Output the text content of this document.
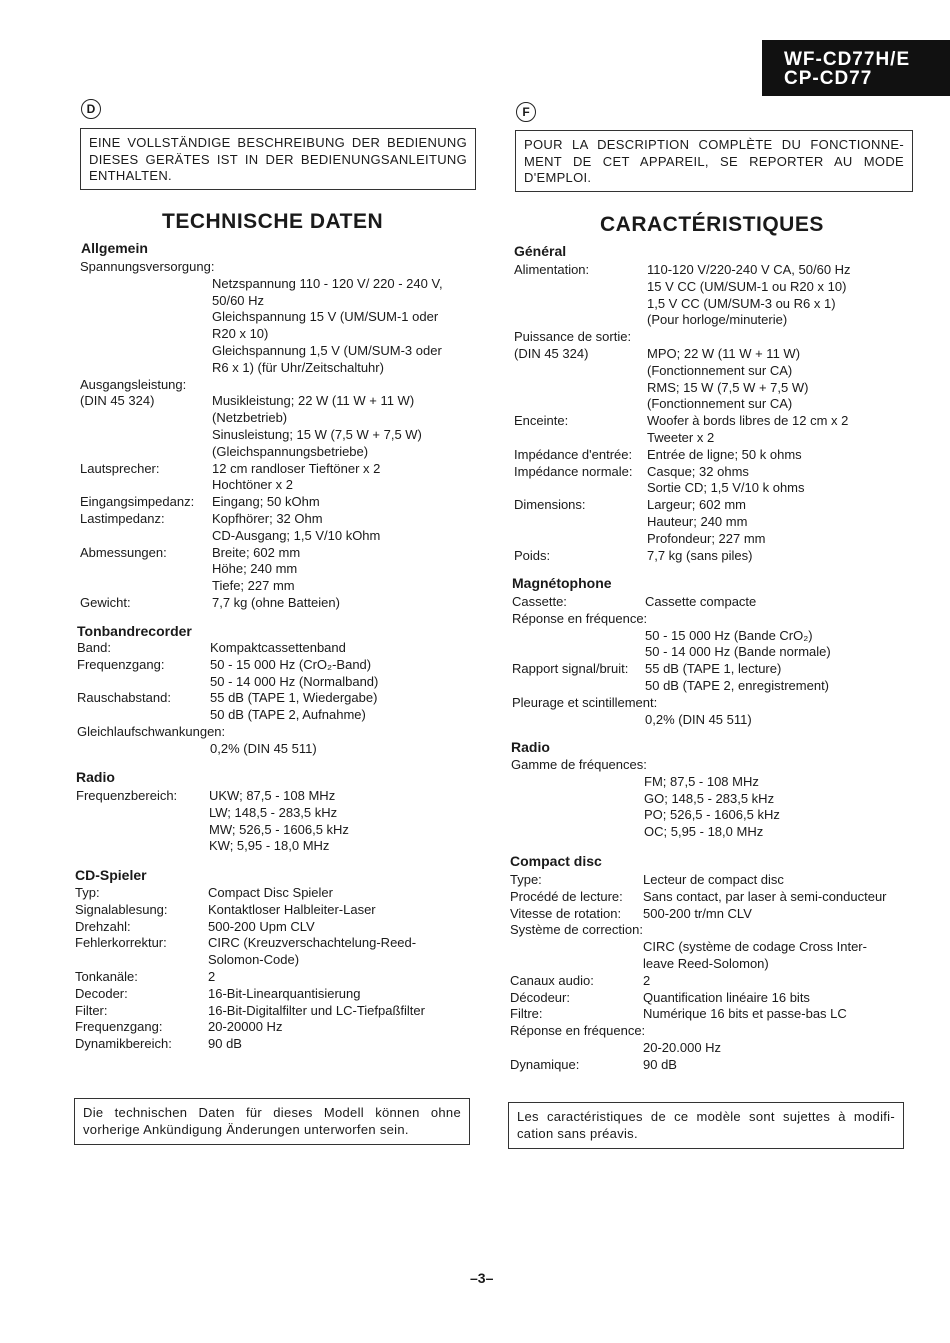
WF-CD77H/E
CP-CD77
D
EINE VOLLSTÄNDIGE BESCHREIBUNG DER BEDIENUNG DIESES GERÄTES IST IN DER BEDIENUNGSANLEITUNG ENTHALTEN.
TECHNISCHE DATEN
Allgemein
Spannungsversorgung:
Netzspannung 110 - 120 V/ 220 - 240 V,
50/60 Hz
Gleichspannung 15 V (UM/SUM-1 oder
R20 x 10)
Gleichspannung 1,5 V (UM/SUM-3 oder
R6 x 1) (für Uhr/Zeitschaltuhr)
Ausgangsleistung:
(DIN 45 324)	Musikleistung; 22 W (11 W + 11 W)
(Netzbetrieb)
Sinusleistung; 15 W (7,5 W + 7,5 W)
(Gleichspannungsbetriebe)
Lautsprecher:	12 cm randloser Tieftöner x 2
Hochtöner x 2
Eingangsimpedanz: Eingang; 50 kOhm
Lastimpedanz:	Kopfhörer; 32 Ohm
CD-Ausgang; 1,5 V/10 kOhm
Abmessungen:	Breite; 602 mm
Höhe; 240 mm
Tiefe; 227 mm
Gewicht:	7,7 kg (ohne Batteien)
Tonbandrecorder
Band:	Kompaktcassettenband
Frequenzgang:	50 - 15 000 Hz (CrO₂-Band)
50 - 14 000 Hz (Normalband)
Rauschabstand:	55 dB (TAPE 1, Wiedergabe)
50 dB (TAPE 2, Aufnahme)
Gleichlaufschwankungen:
0,2% (DIN 45 511)
Radio
Frequenzbereich: UKW; 87,5 - 108 MHz
LW; 148,5 - 283,5 kHz
MW; 526,5 - 1606,5 kHz
KW; 5,95 - 18,0 MHz
CD-Spieler
Typ:	Compact Disc Spieler
Signalablesung:	Kontaktloser Halbleiter-Laser
Drehzahl:	500-200 Upm CLV
Fehlerkorrektur:	CIRC (Kreuzverschachtelung-Reed-
Solomon-Code)
Tonkanäle:	2
Decoder:	16-Bit-Linearquantisierung
Filter:	16-Bit-Digitalfilter und LC-Tiefpaßfilter
Frequenzgang:	20-20000 Hz
Dynamikbereich:	90 dB
Die technischen Daten für dieses Modell können ohne vorherige Ankündigung Änderungen unterworfen sein.
F
POUR LA DESCRIPTION COMPLÈTE DU FONCTIONNE-MENT DE CET APPAREIL, SE REPORTER AU MODE D'EMPLOI.
CARACTÉRISTIQUES
Général
Alimentation:	110-120 V/220-240 V CA, 50/60 Hz
15 V CC (UM/SUM-1 ou R20 x 10)
1,5 V CC (UM/SUM-3 ou R6 x 1)
(Pour horloge/minuterie)
Puissance de sortie:
(DIN 45 324)	MPO; 22 W (11 W + 11 W)
(Fonctionnement sur CA)
RMS; 15 W (7,5 W + 7,5 W)
(Fonctionnement sur CA)
Enceinte:	Woofer à bords libres de 12 cm x 2
Tweeter x 2
Impédance d'entrée: Entrée de ligne; 50 k ohms
Impédance normale: Casque; 32 ohms
Sortie CD; 1,5 V/10 k ohms
Dimensions:	Largeur; 602 mm
Hauteur; 240 mm
Profondeur; 227 mm
Poids:	7,7 kg (sans piles)
Magnétophone
Cassette:	Cassette compacte
Réponse en fréquence:
50 - 15 000 Hz (Bande CrO₂)
50 - 14 000 Hz (Bande normale)
Rapport signal/bruit: 55 dB (TAPE 1, lecture)
50 dB (TAPE 2, enregistrement)
Pleurage et scintillement:
0,2% (DIN 45 511)
Radio
Gamme de fréquences:
FM; 87,5 - 108 MHz
GO; 148,5 - 283,5 kHz
PO; 526,5 - 1606,5 kHz
OC; 5,95 - 18,0 MHz
Compact disc
Type:	Lecteur de compact disc
Procédé de lecture: Sans contact, par laser à semi-conducteur
Vitesse de rotation: 500-200 tr/mn CLV
Système de correction:
CIRC (système de codage Cross Inter-
leave Reed-Solomon)
Canaux audio:	2
Décodeur:	Quantification linéaire 16 bits
Filtre:	Numérique 16 bits et passe-bas LC
Réponse en fréquence:
20-20.000 Hz
Dynamique:	90 dB
Les caractéristiques de ce modèle sont sujettes à modifi-cation sans préavis.
–3–
